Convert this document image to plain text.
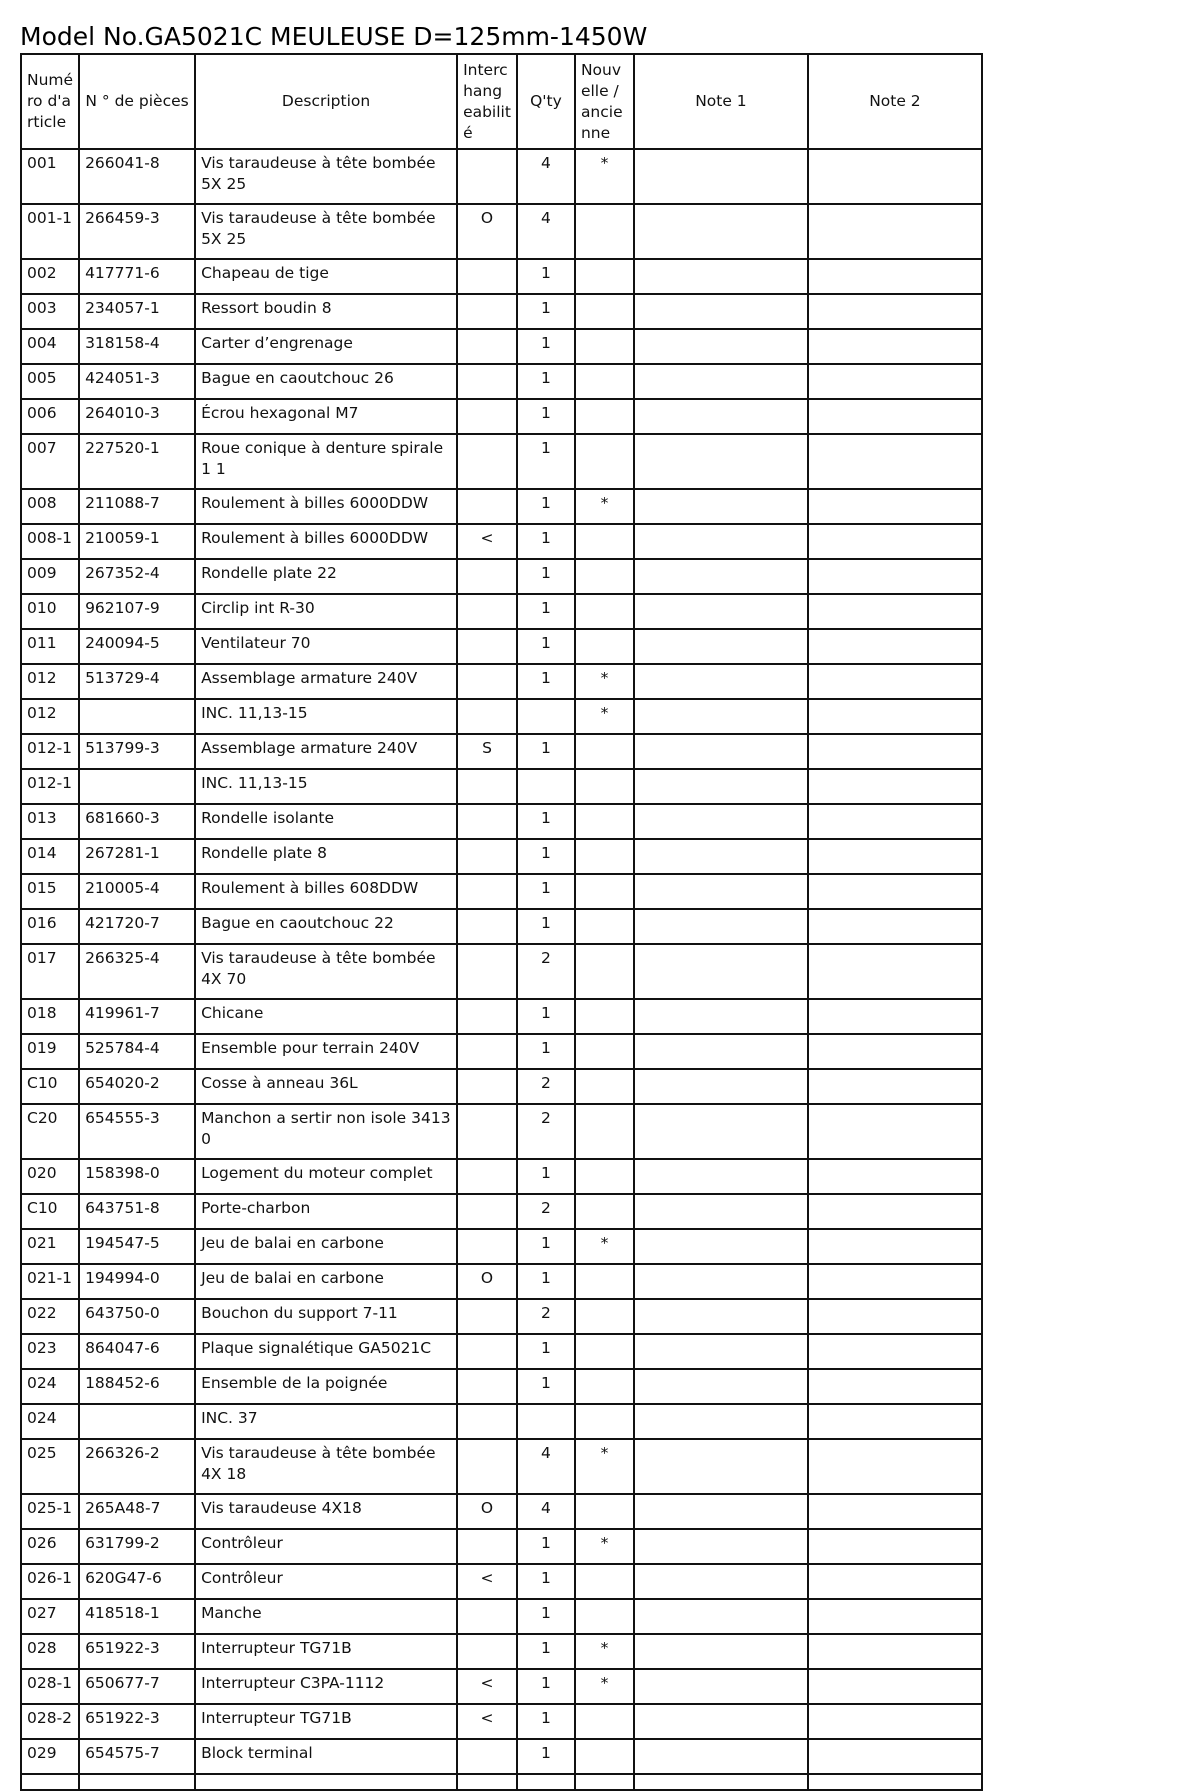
Model No.GA5021C MEULEUSE D=125mm-1450W
Numé ro d'a rticle	N ° de pièces	Description	Interc hang eabilit é	Q'ty	Nouv elle / ancie nne	Note 1	Note 2
001	266041-8	Vis taraudeuse à tête bombée 5X 25		4	*		
001-1	266459-3	Vis taraudeuse à tête bombée 5X 25	O	4			
002	417771-6	Chapeau de tige		1			
003	234057-1	Ressort boudin 8		1			
004	318158-4	Carter d’engrenage		1			
005	424051-3	Bague en caoutchouc 26		1			
006	264010-3	Écrou hexagonal M7		1			
007	227520-1	Roue conique à denture spirale 1 1		1			
008	211088-7	Roulement à billes 6000DDW		1	*		
008-1	210059-1	Roulement à billes 6000DDW	<	1			
009	267352-4	Rondelle plate 22		1			
010	962107-9	Circlip int R-30		1			
011	240094-5	Ventilateur 70		1			
012	513729-4	Assemblage armature 240V		1	*		
012		INC. 11,13-15			*		
012-1	513799-3	Assemblage armature 240V	S	1			
012-1		INC. 11,13-15					
013	681660-3	Rondelle isolante		1			
014	267281-1	Rondelle plate 8		1			
015	210005-4	Roulement à billes 608DDW		1			
016	421720-7	Bague en caoutchouc 22		1			
017	266325-4	Vis taraudeuse à tête bombée 4X 70		2			
018	419961-7	Chicane		1			
019	525784-4	Ensemble pour terrain 240V		1			
C10	654020-2	Cosse à anneau 36L		2			
C20	654555-3	Manchon a sertir non isole 3413 0		2			
020	158398-0	Logement du moteur complet		1			
C10	643751-8	Porte-charbon		2			
021	194547-5	Jeu de balai en carbone		1	*		
021-1	194994-0	Jeu de balai en carbone	O	1			
022	643750-0	Bouchon du support 7-11		2			
023	864047-6	Plaque signalétique GA5021C		1			
024	188452-6	Ensemble de la poignée		1			
024		INC. 37					
025	266326-2	Vis taraudeuse à tête bombée 4X 18		4	*		
025-1	265A48-7	Vis taraudeuse 4X18	O	4			
026	631799-2	Contrôleur		1	*		
026-1	620G47-6	Contrôleur	<	1			
027	418518-1	Manche		1			
028	651922-3	Interrupteur TG71B		1	*		
028-1	650677-7	Interrupteur C3PA-1112	<	1	*		
028-2	651922-3	Interrupteur TG71B	<	1			
029	654575-7	Block terminal		1			
